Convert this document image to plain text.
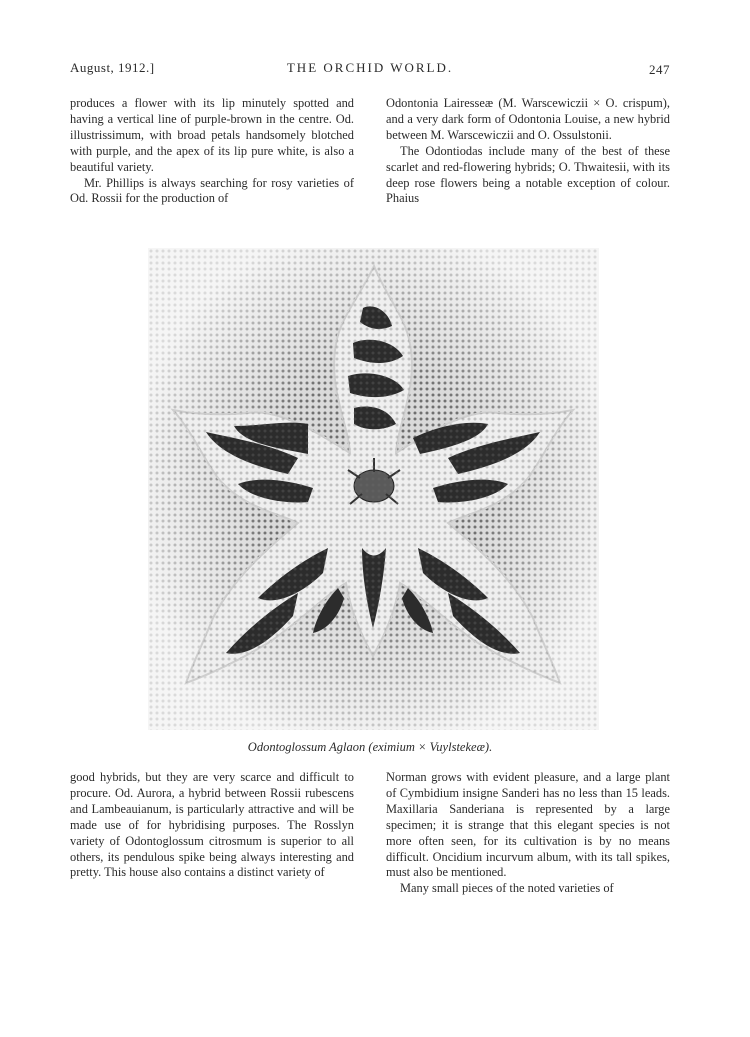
August, 1912.]	THE ORCHID WORLD.	247

produces a flower with its lip minutely spotted and having a vertical line of purple-brown in the centre. Od. illustrissimum, with broad petals handsomely blotched with purple, and the apex of its lip pure white, is also a beautiful variety.

Mr. Phillips is always searching for rosy varieties of Od. Rossii for the production of

Odontonia Lairesseæ (M. Warscewiczii × O. crispum), and a very dark form of Odontonia Louise, a new hybrid between M. Warscewiczii and O. Ossulstonii.

The Odontiodas include many of the best of these scarlet and red-flowering hybrids; O. Thwaitesii, with its deep rose flowers being a notable exception of colour. Phaius

Odontoglossum Aglaon (eximium × Vuylstekeæ).

good hybrids, but they are very scarce and difficult to procure. Od. Aurora, a hybrid between Rossii rubescens and Lambeauianum, is particularly attractive and will be made use of for hybridising purposes. The Rosslyn variety of Odontoglossum citrosmum is superior to all others, its pendulous spike being always interesting and pretty. This house also contains a distinct variety of

Norman grows with evident pleasure, and a large plant of Cymbidium insigne Sanderi has no less than 15 leads. Maxillaria Sanderiana is represented by a large specimen; it is strange that this elegant species is not more often seen, for its cultivation is by no means difficult. Oncidium incurvum album, with its tall spikes, must also be mentioned.

Many small pieces of the noted varieties of
